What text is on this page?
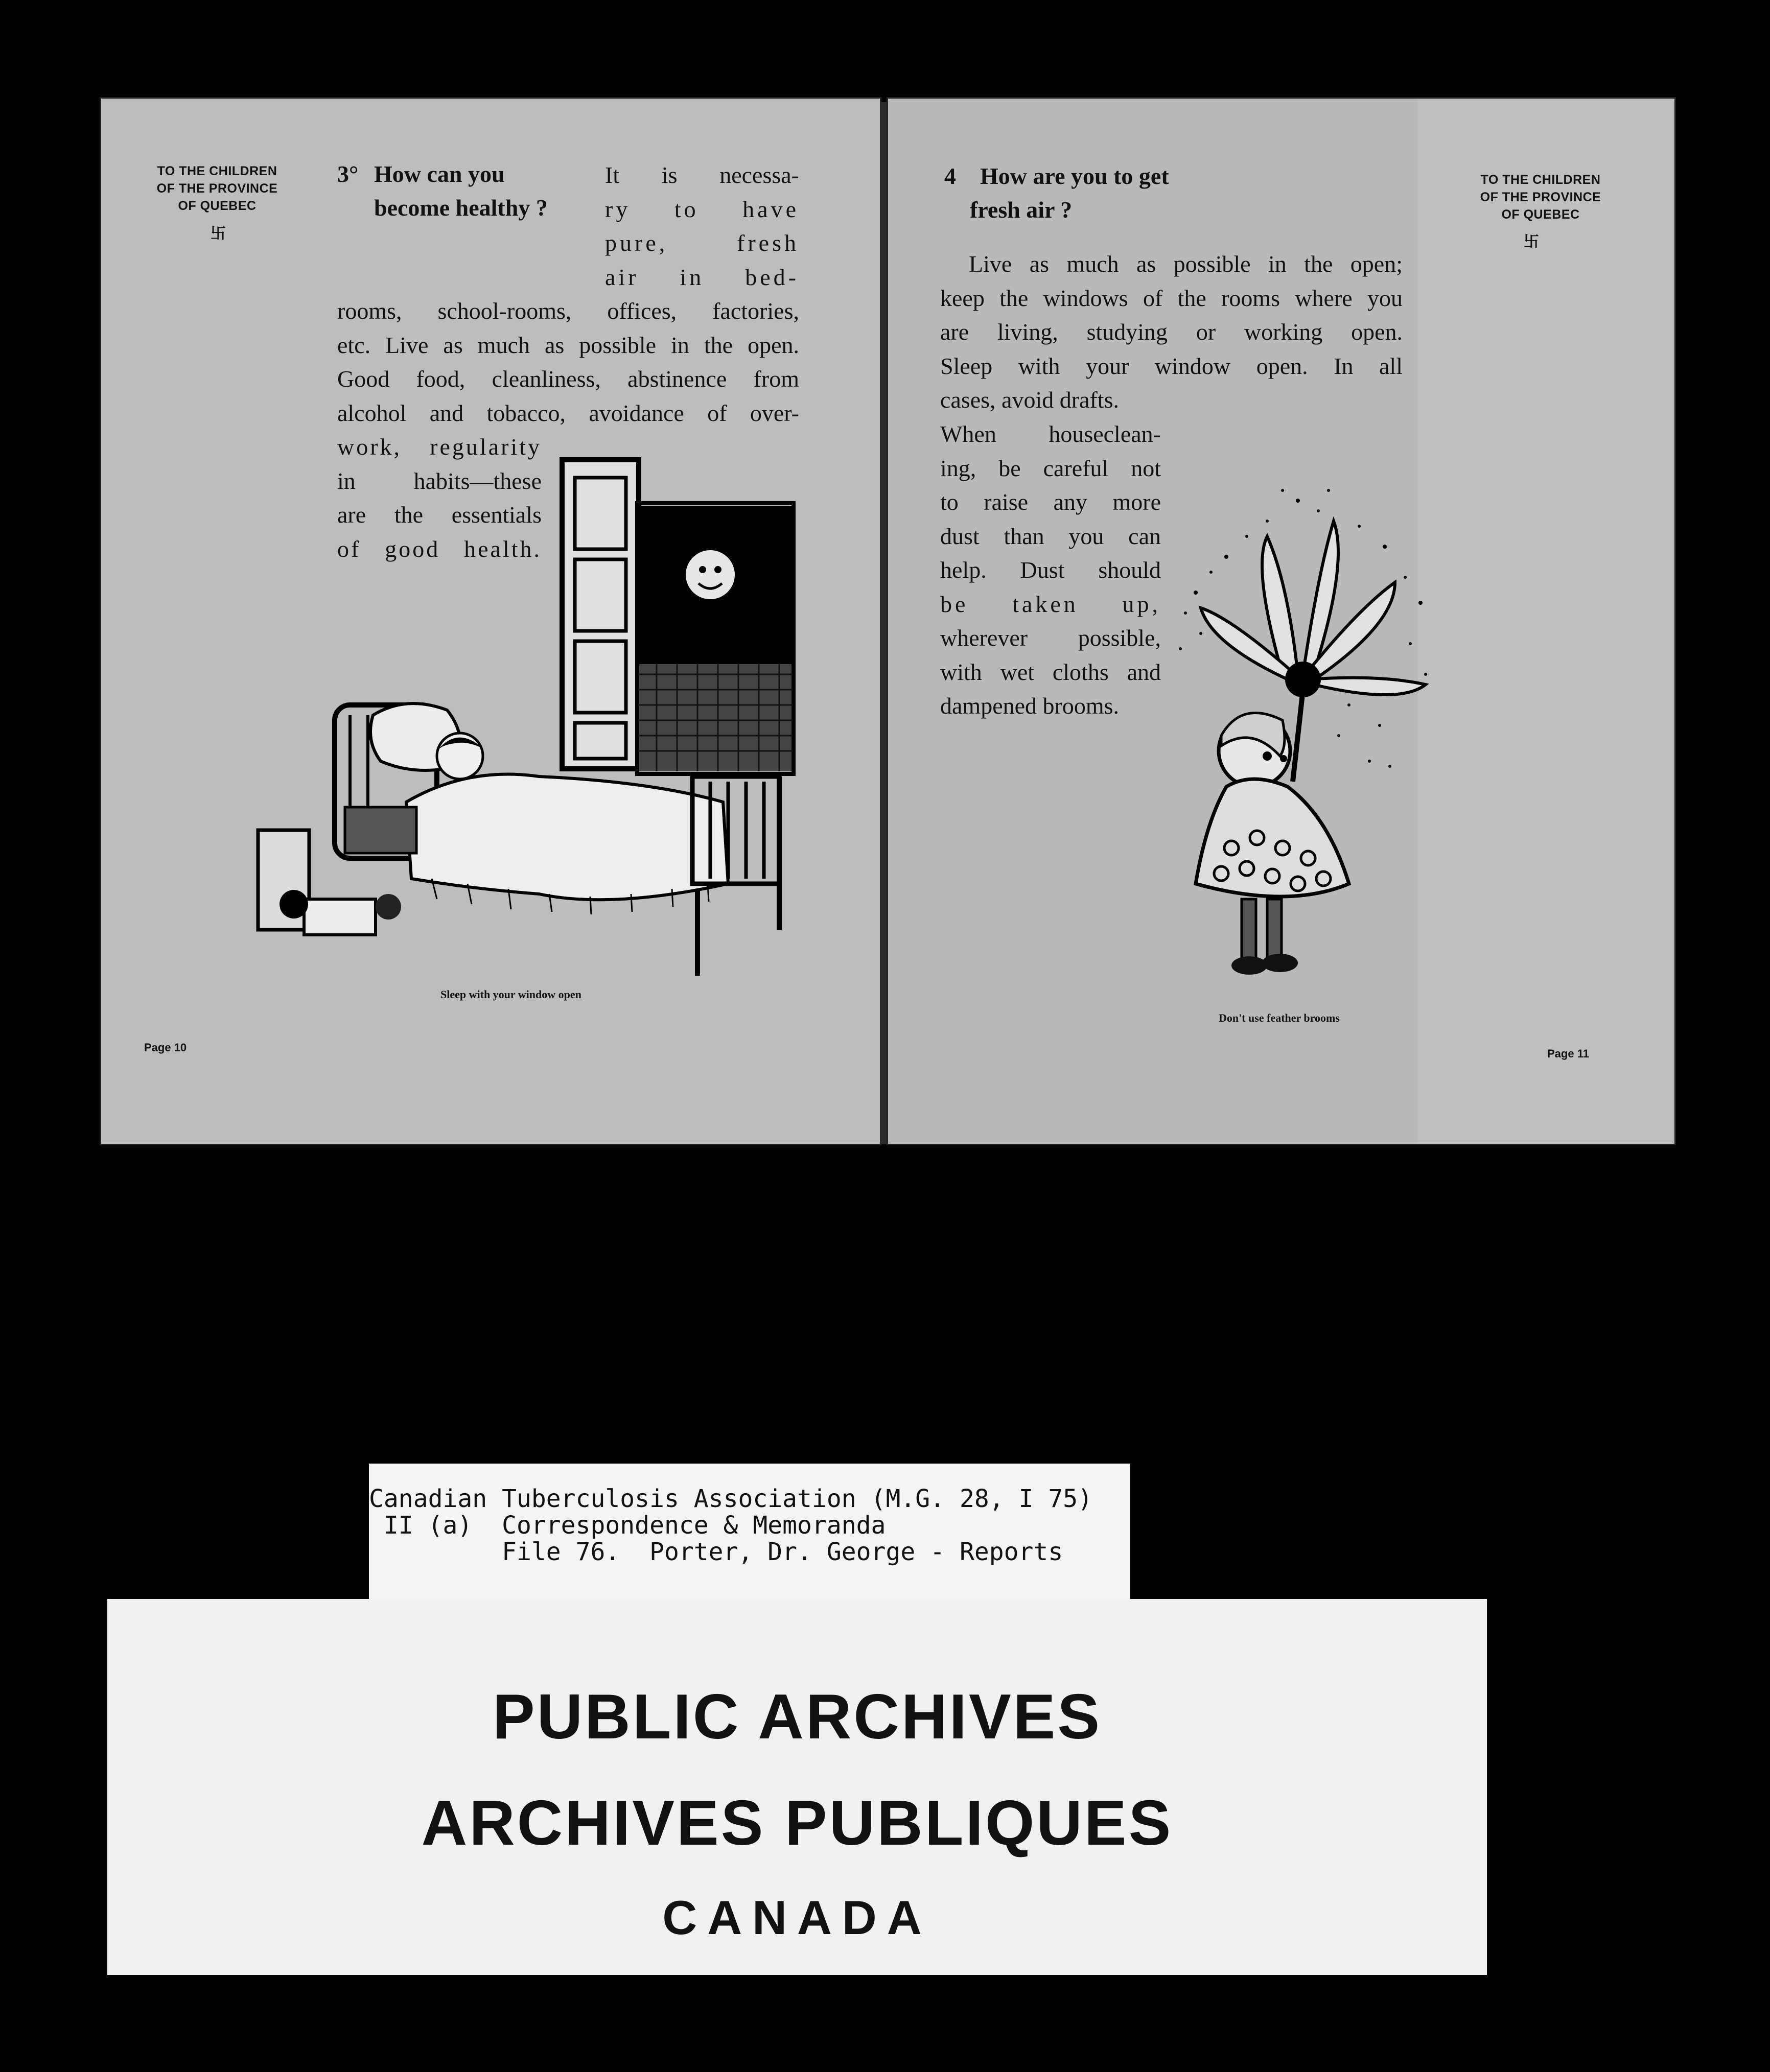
TO THE CHILDREN
OF THE PROVINCE
OF QUEBEC
卐
3° How can you
become healthy ?
It is necessa-
ry to have
pure, fresh
air in bed-
rooms, school-rooms, offices, factories,
etc. Live as much as possible in the open.
Good food, cleanliness, abstinence from
alcohol and tobacco, avoidance of over-
work, regularity
in habits—these
are the essentials
of good health.
Sleep with your window open
Page 10
TO THE CHILDREN
OF THE PROVINCE
OF QUEBEC
卐
4 How are you to get
fresh air ?
Live as much as possible in the open;
keep the windows of the rooms where you
are living, studying or working open.
Sleep with your window open. In all
cases, avoid drafts.
When houseclean-
ing, be careful not
to raise any more
dust than you can
help. Dust should
be taken up,
wherever possible,
with wet cloths and
dampened brooms.
Don't use feather brooms
Page 11
Canadian Tuberculosis Association (M.G. 28, I 75)
II (a)  Correspondence & Memoranda
File 76.  Porter, Dr. George - Reports
PUBLIC ARCHIVES
ARCHIVES PUBLIQUES
CANADA
